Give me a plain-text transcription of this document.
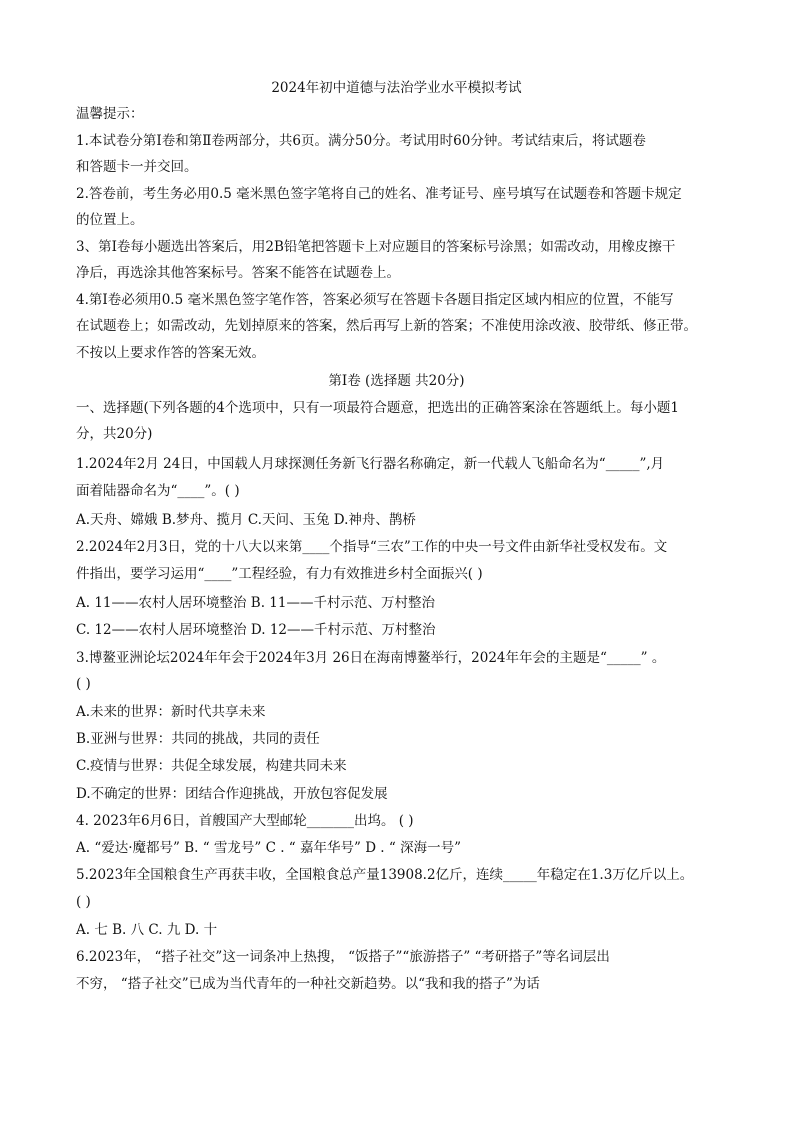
2024年初中道德与法治学业水平模拟考试
温馨提示：
1.本试卷分第Ⅰ卷和第Ⅱ卷两部分，共6页。满分50分。考试用时60分钟。考试结束后，将试题卷
和答题卡一并交回。
2.答卷前，考生务必用0.5 毫米黑色签字笔将自己的姓名、准考证号、座号填写在试题卷和答题卡规定
的位置上。
3、第Ⅰ卷每小题选出答案后，用2B铅笔把答题卡上对应题目的答案标号涂黑；如需改动，用橡皮擦干
净后，再选涂其他答案标号。答案不能答在试题卷上。
4.第Ⅰ卷必须用0.5 毫米黑色签字笔作答，答案必须写在答题卡各题目指定区域内相应的位置，不能写
在试题卷上；如需改动，先划掉原来的答案，然后再写上新的答案；不准使用涂改液、胶带纸、修正带。
不按以上要求作答的答案无效。
第Ⅰ卷 (选择题 共20分)
一、选择题(下列各题的4个选项中，只有一项最符合题意，把选出的正确答案涂在答题纸上。每小题1
分，共20分)
1.2024年2月 24日，中国载人月球探测任务新飞行器名称确定，新一代载人飞船命名为“_____”,月
面着陆器命名为“____”。( )
A.天舟、嫦娥 B.梦舟、揽月 C.天问、玉兔 D.神舟、鹊桥
2.2024年2月3日，党的十八大以来第____个指导“三农”工作的中央一号文件由新华社受权发布。文
件指出，要学习运用“____”工程经验，有力有效推进乡村全面振兴( )
A. 11——农村人居环境整治 B. 11——千村示范、万村整治
C. 12——农村人居环境整治 D. 12——千村示范、万村整治
3.博鳌亚洲论坛2024年年会于2024年3月 26日在海南博鳌举行，2024年年会的主题是“_____” 。
( )
A.未来的世界：新时代共享未来
B.亚洲与世界：共同的挑战，共同的责任
C.疫情与世界：共促全球发展，构建共同未来
D.不确定的世界：团结合作迎挑战，开放包容促发展
4. 2023年6月6日，首艘国产大型邮轮_______出坞。 ( )
A. “爱达·魔都号” B. “ 雪龙号” C . “ 嘉年华号” D . “ 深海一号”
5.2023年全国粮食生产再获丰收，全国粮食总产量13908.2亿斤，连续_____年稳定在1.3万亿斤以上。
( )
A. 七 B. 八 C. 九 D. 十
6.2023年， “搭子社交”这一词条冲上热搜， “饭搭子”“旅游搭子” “考研搭子”等名词层出
不穷， “搭子社交”已成为当代青年的一种社交新趋势。以“我和我的搭子”为话
